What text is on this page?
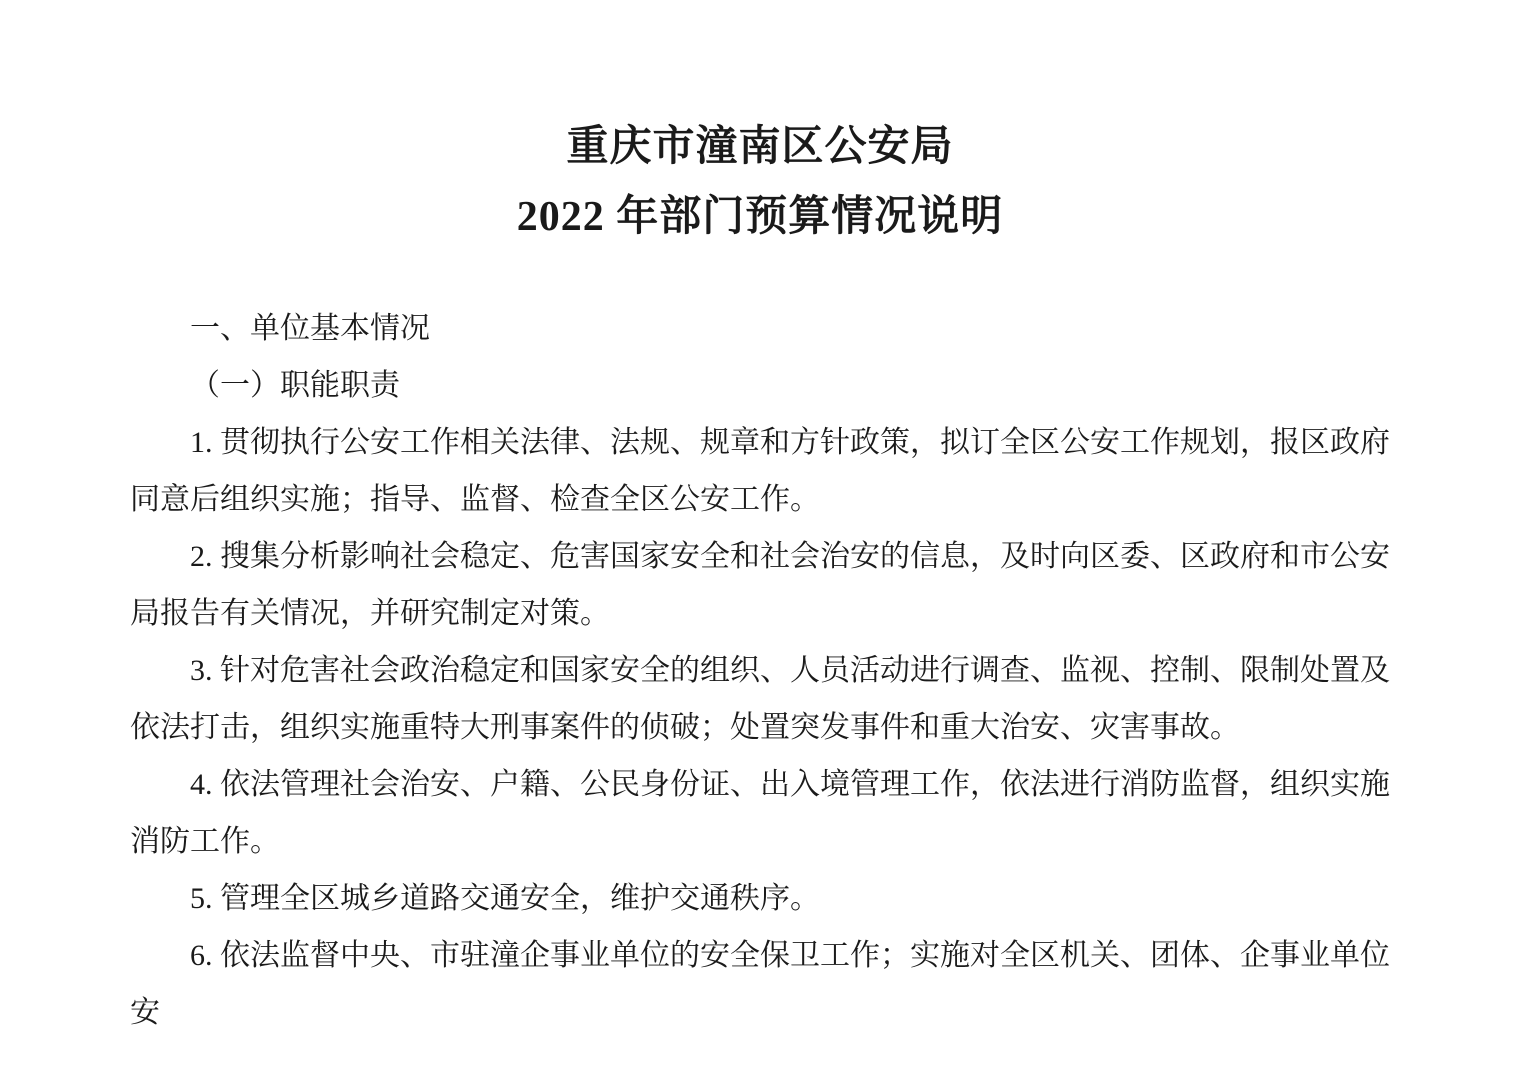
重庆市潼南区公安局
2022 年部门预算情况说明
一、单位基本情况
（一）职能职责

1. 贯彻执行公安工作相关法律、法规、规章和方针政策，拟订全区公安工作规划，报区政府同意后组织实施；指导、监督、检查全区公安工作。

2. 搜集分析影响社会稳定、危害国家安全和社会治安的信息，及时向区委、区政府和市公安局报告有关情况，并研究制定对策。

3. 针对危害社会政治稳定和国家安全的组织、人员活动进行调查、监视、控制、限制处置及依法打击，组织实施重特大刑事案件的侦破；处置突发事件和重大治安、灾害事故。

4. 依法管理社会治安、户籍、公民身份证、出入境管理工作，依法进行消防监督，组织实施消防工作。

5. 管理全区城乡道路交通安全，维护交通秩序。

6. 依法监督中央、市驻潼企事业单位的安全保卫工作；实施对全区机关、团体、企事业单位安
